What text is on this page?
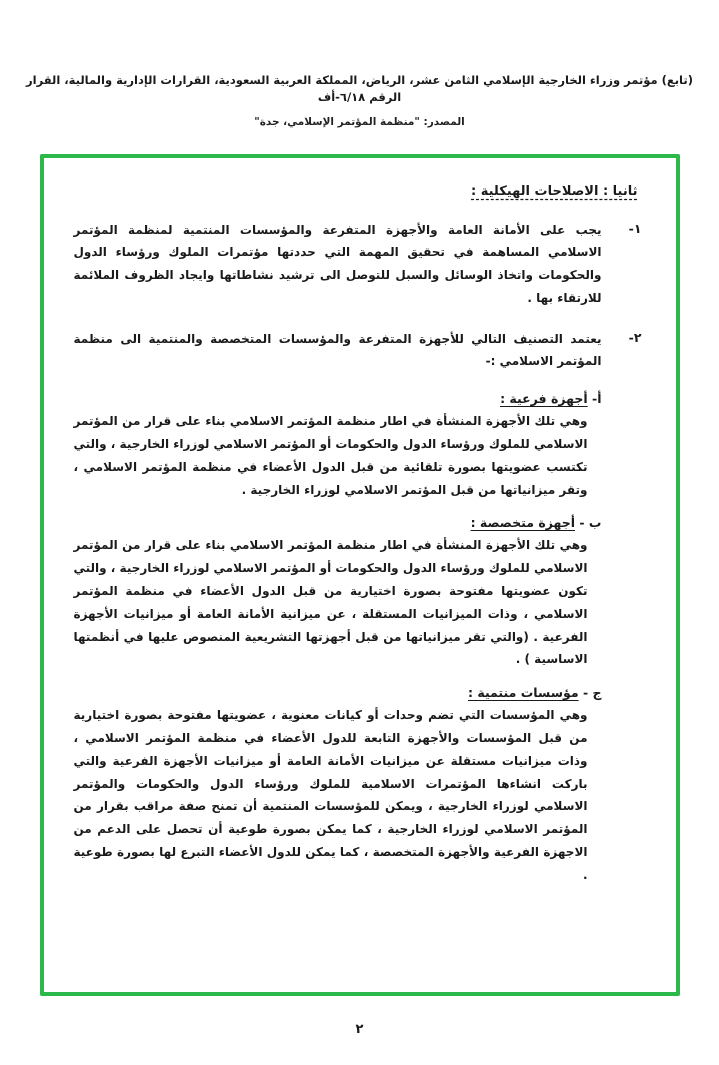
(تابع) مؤتمر وزراء الخارجية الإسلامي الثامن عشر، الرياض، المملكة العربية السعودية، القرارات الإدارية والمالية، القرار الرقم ٦/١٨-أف
المصدر: "منظمة المؤتمر الإسلامي، جدة"
ثانيا : الاصلاحات الهيكلية :
١-

يجب على الأمانة العامة والأجهزة المتفرعة والمؤسسات المنتمية لمنظمة المؤتمر الاسلامي المساهمة في تحقيق المهمة التي حددتها مؤتمرات الملوك ورؤساء الدول والحكومات واتخاذ الوسائل والسبل للتوصل الى ترشيد نشاطاتها وايجاد الظروف الملائمة للارتقاء بها .

٢-

يعتمد التصنيف التالي للأجهزة المتفرعة والمؤسسات المتخصصة والمنتمية الى منظمة المؤتمر الاسلامي :-

أ- أجهزة فرعية :

وهي تلك الأجهزة المنشأة في اطار منظمة المؤتمر الاسلامي بناء على قرار من المؤتمر الاسلامي للملوك ورؤساء الدول والحكومات أو المؤتمر الاسلامي لوزراء الخارجية ، والتي تكتسب عضويتها بصورة تلقائية من قبل الدول الأعضاء في منظمة المؤتمر الاسلامي ، وتقر ميزانياتها من قبل المؤتمر الاسلامي لوزراء الخارجية .

ب - أجهزة متخصصة :

وهي تلك الأجهزة المنشأة في اطار منظمة المؤتمر الاسلامي بناء على قرار من المؤتمر الاسلامي للملوك ورؤساء الدول والحكومات أو المؤتمر الاسلامي لوزراء الخارجية ، والتي تكون عضويتها مفتوحة بصورة اختيارية من قبل الدول الأعضاء في منظمة المؤتمر الاسلامي ، وذات الميزانيات المستقلة ، عن ميزانية الأمانة العامة أو ميزانيات الأجهزة الفرعية . (والتي تقر ميزانياتها من قبل أجهزتها التشريعية المنصوص عليها في أنظمتها الاساسية ) .

ج - مؤسسات منتمية :

وهي المؤسسات التي تضم وحدات أو كيانات معنوية ، عضويتها مفتوحة بصورة اختيارية من قبل المؤسسات والأجهزة التابعة للدول الأعضاء في منظمة المؤتمر الاسلامي ، وذات ميزانيات مستقلة عن ميزانيات الأمانة العامة أو ميزانيات الأجهزة الفرعية والتي باركت انشاءها المؤتمرات الاسلامية للملوك ورؤساء الدول والحكومات والمؤتمر الاسلامي لوزراء الخارجية ، ويمكن للمؤسسات المنتمية أن تمنح صفة مراقب بقرار من المؤتمر الاسلامي لوزراء الخارجية ، كما يمكن بصورة طوعية أن تحصل على الدعم من الاجهزة الفرعية والأجهزة المتخصصة ، كما يمكن للدول الأعضاء التبرع لها بصورة طوعية .

٢
